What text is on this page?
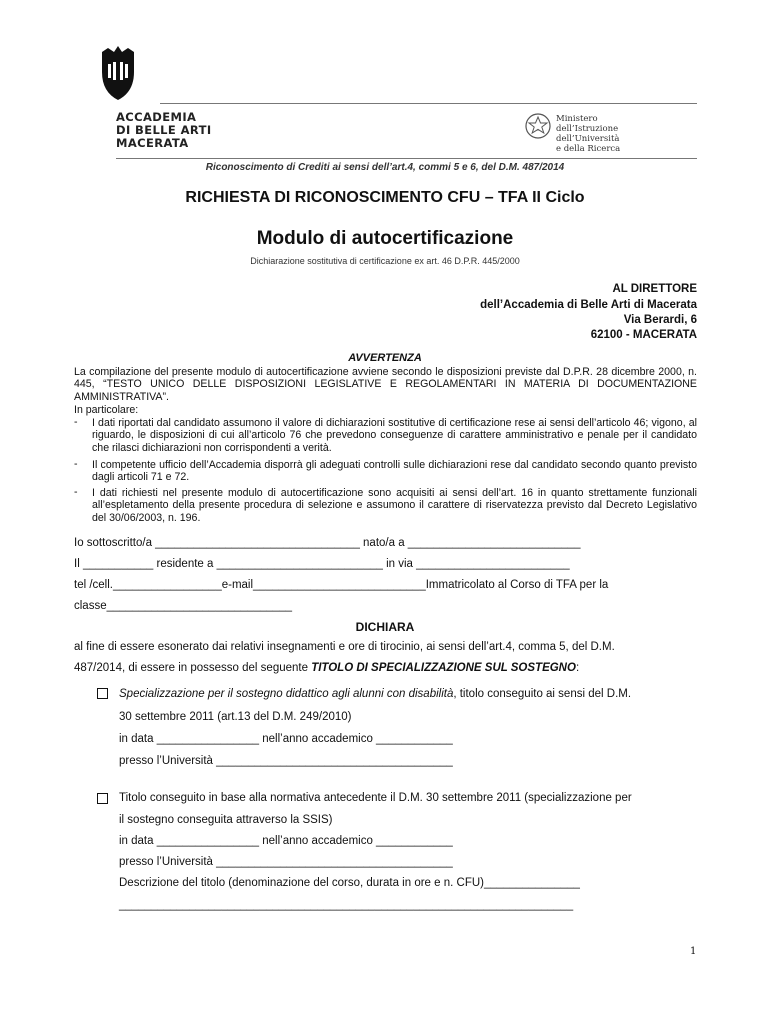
ACCADEMIA
DI BELLE ARTI
MACERATA
Ministero
dell’Istruzione
dell’Università
e della Ricerca
Riconoscimento di Crediti ai sensi dell’art.4, commi 5 e 6, del D.M. 487/2014
RICHIESTA DI RICONOSCIMENTO CFU – TFA II Ciclo
Modulo di autocertificazione
Dichiarazione sostitutiva di certificazione ex art. 46 D.P.R. 445/2000
AL DIRETTORE
dell’Accademia di Belle Arti di Macerata
Via Berardi, 6
62100 - MACERATA
AVVERTENZA
La compilazione del presente modulo di autocertificazione avviene secondo le disposizioni previste dal D.P.R. 28 dicembre 2000, n. 445, “TESTO UNICO DELLE DISPOSIZIONI LEGISLATIVE E REGOLAMENTARI IN MATERIA DI DOCUMENTAZIONE AMMINISTRATIVA”.
In particolare:
- I dati riportati dal candidato assumono il valore di dichiarazioni sostitutive di certificazione rese ai sensi dell’articolo 46; vigono, al riguardo, le disposizioni di cui all’articolo 76 che prevedono conseguenze di carattere amministrativo e penale per il candidato che rilasci dichiarazioni non corrispondenti a verità.
- Il competente ufficio dell’Accademia disporrà gli adeguati controlli sulle dichiarazioni rese dal candidato secondo quanto previsto dagli articoli 71 e 72.
- I dati richiesti nel presente modulo di autocertificazione sono acquisiti ai sensi dell’art. 16 in quanto strettamente funzionali all’espletamento della presente procedura di selezione e assumono il carattere di riservatezza previsto dal Decreto Legislativo del 30/06/2003, n. 196.
Io sottoscritto/a ________________________________ nato/a a ___________________________
Il ___________ residente a __________________________ in via ________________________
tel /cell._________________e-mail___________________________Immatricolato al Corso di TFA per la
classe_____________________________
DICHIARA
al fine di essere esonerato dai relativi insegnamenti e ore di tirocinio, ai sensi dell’art.4, comma 5, del D.M.
487/2014, di essere in possesso del seguente TITOLO DI SPECIALIZZAZIONE SUL SOSTEGNO:
Specializzazione per il sostegno didattico agli alunni con disabilità, titolo conseguito ai sensi del D.M.
30 settembre 2011 (art.13 del D.M. 249/2010)
in data ________________ nell’anno accademico ____________
presso l’Università _____________________________________
Titolo conseguito in base alla normativa antecedente il D.M. 30 settembre 2011 (specializzazione per
il sostegno conseguita attraverso la SSIS)
in data ________________ nell’anno accademico ____________
presso l’Università _____________________________________
Descrizione del titolo (denominazione del corso, durata in ore e n. CFU)_______________
_______________________________________________________________________
1
